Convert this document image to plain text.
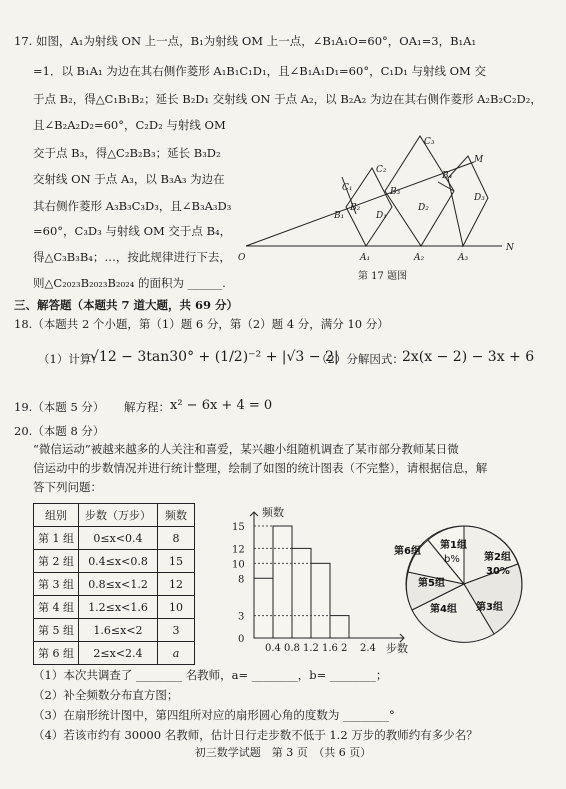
17. 如图，A₁为射线 ON 上一点，B₁为射线 OM 上一点，∠B₁A₁O=60°，OA₁=3，B₁A₁
=1．以 B₁A₁ 为边在其右侧作菱形 A₁B₁C₁D₁，且∠B₁A₁D₁=60°，C₁D₁ 与射线 OM 交
于点 B₂，得△C₁B₁B₂；延长 B₂D₁ 交射线 ON 于点 A₂，以 B₂A₂ 为边在其右侧作菱形 A₂B₂C₂D₂，
且∠B₂A₂D₂=60°，C₂D₂ 与射线 OM
交于点 B₃，得△C₂B₂B₃；延长 B₃D₂
交射线 ON 于点 A₃，以 B₃A₃ 为边在
其右侧作菱形 A₃B₃C₃D₃，且∠B₃A₃D₃
=60°，C₃D₃ 与射线 OM 交于点 B₄，
得△C₃B₃B₄；…，按此规律进行下去，
则△C₂₀₂₃B₂₀₂₃B₂₀₂₄ 的面积为 ______.
O	A₁	A₂	A₃
B₁
B₂
B₃
B₄
C₁
C₂
C₃
D₁
D₂
D₃
M
N
第 17 题图
三、解答题（本题共 7 道大题，共 69 分）
18.（本题共 2 个小题，第（1）题 6 分，第（2）题 4 分，满分 10 分）
（1）计算：
√12 − 3tan30° + (1/2)⁻² + |√3 − 2|
（2）分解因式：
2x(x − 2) − 3x + 6
19.（本题 5 分） 解方程： x² − 6x + 4 = 0
20.（本题 8 分）
“微信运动”被越来越多的人关注和喜爱，某兴趣小组随机调查了某市部分教师某日微
信运动中的步数情况并进行统计整理，绘制了如图的统计图表（不完整），请根据信息，解
答下列问题：
组别	步数（万步）	频数
第 1 组	0≤x<0.4	8
第 2 组	0.4≤x<0.8	15
第 3 组	0.8≤x<1.2	12
第 4 组	1.2≤x<1.6	10
第 5 组	1.6≤x<2	3
第 6 组	2≤x<2.4	a
0
3
8
10
12
15
0.4 0.8 1.2 1.6 2 2.4
频数
步数
第6组
第1组
b% 第2组
30%
第5组
第4组 第3组
（1）本次共调查了 ________ 名教师，a= ________，b= ________；
（2）补全频数分布直方图；
（3）在扇形统计图中，第四组所对应的扇形圆心角的度数为 ________°
（4）若该市约有 30000 名教师，估计日行走步数不低于 1.2 万步的教师约有多少名？
初三数学试题　第 3 页　（共 6 页）
